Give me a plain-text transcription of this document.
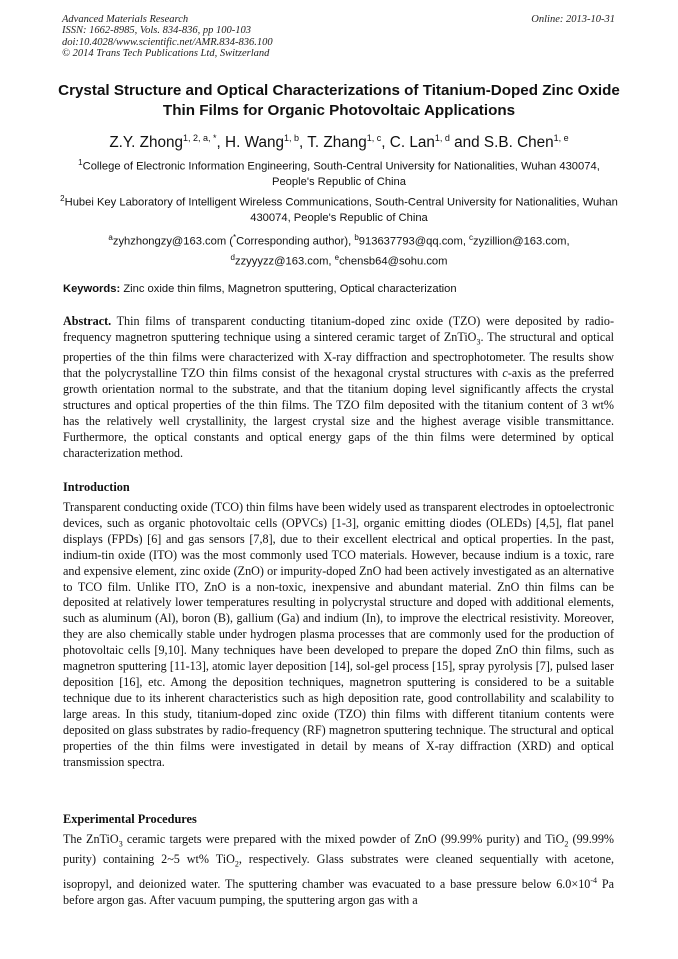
Advanced Materials Research
ISSN: 1662-8985, Vols. 834-836, pp 100-103
doi:10.4028/www.scientific.net/AMR.834-836.100
© 2014 Trans Tech Publications Ltd, Switzerland
Online: 2013-10-31
Crystal Structure and Optical Characterizations of Titanium-Doped Zinc Oxide Thin Films for Organic Photovoltaic Applications
Z.Y. Zhong$^{1, 2, a, *}$, H. Wang$^{1, b}$, T. Zhang$^{1, c}$, C. Lan$^{1, d}$ and S.B. Chen$^{1, e}$
$^1$College of Electronic Information Engineering, South-Central University for Nationalities, Wuhan 430074, People's Republic of China
$^2$Hubei Key Laboratory of Intelligent Wireless Communications, South-Central University for Nationalities, Wuhan 430074, People's Republic of China
$^a$zyhzhongzy@163.com (*Corresponding author), $^b$913637793@qq.com, $^c$zyzillion@163.com,
$^d$zzyyyzz@163.com, $^e$chensb64@sohu.com
Keywords: Zinc oxide thin films, Magnetron sputtering, Optical characterization
Abstract. Thin films of transparent conducting titanium-doped zinc oxide (TZO) were deposited by radio-frequency magnetron sputtering technique using a sintered ceramic target of ZnTiO$_3$. The structural and optical properties of the thin films were characterized with X-ray diffraction and spectrophotometer. The results show that the polycrystalline TZO thin films consist of the hexagonal crystal structures with c-axis as the preferred growth orientation normal to the substrate, and that the titanium doping level significantly affects the crystal structures and optical properties of the thin films. The TZO film deposited with the titanium content of 3 wt% has the relatively well crystallinity, the largest crystal size and the highest average visible transmittance. Furthermore, the optical constants and optical energy gaps of the thin films were determined by optical characterization method.
Introduction
Transparent conducting oxide (TCO) thin films have been widely used as transparent electrodes in optoelectronic devices, such as organic photovoltaic cells (OPVCs) [1-3], organic emitting diodes (OLEDs) [4,5], flat panel displays (FPDs) [6] and gas sensors [7,8], due to their excellent electrical and optical properties. In the past, indium-tin oxide (ITO) was the most commonly used TCO materials. However, because indium is a toxic, rare and expensive element, zinc oxide (ZnO) or impurity-doped ZnO had been actively investigated as an alternative to TCO film. Unlike ITO, ZnO is a non-toxic, inexpensive and abundant material. ZnO thin films can be deposited at relatively lower temperatures resulting in polycrystal structure and doped with additional elements, such as aluminum (Al), boron (B), gallium (Ga) and indium (In), to improve the electrical resistivity. Moreover, they are also chemically stable under hydrogen plasma processes that are commonly used for the production of photovoltaic cells [9,10]. Many techniques have been developed to prepare the doped ZnO thin films, such as magnetron sputtering [11-13], atomic layer deposition [14], sol-gel process [15], spray pyrolysis [7], pulsed laser deposition [16], etc. Among the deposition techniques, magnetron sputtering is considered to be a suitable technique due to its inherent characteristics such as high deposition rate, good controllability and scalability to large areas. In this study, titanium-doped zinc oxide (TZO) thin films with different titanium contents were deposited on glass substrates by radio-frequency (RF) magnetron sputtering technique. The structural and optical properties of the thin films were investigated in detail by means of X-ray diffraction (XRD) and optical transmission spectra.
Experimental Procedures
The ZnTiO$_3$ ceramic targets were prepared with the mixed powder of ZnO (99.99% purity) and TiO$_2$ (99.99% purity) containing 2~5 wt% TiO$_2$, respectively. Glass substrates were cleaned sequentially with acetone, isopropyl, and deionized water. The sputtering chamber was evacuated to a base pressure below $6.0\times 10^{-4}$ Pa before argon gas. After vacuum pumping, the sputtering argon gas with a
